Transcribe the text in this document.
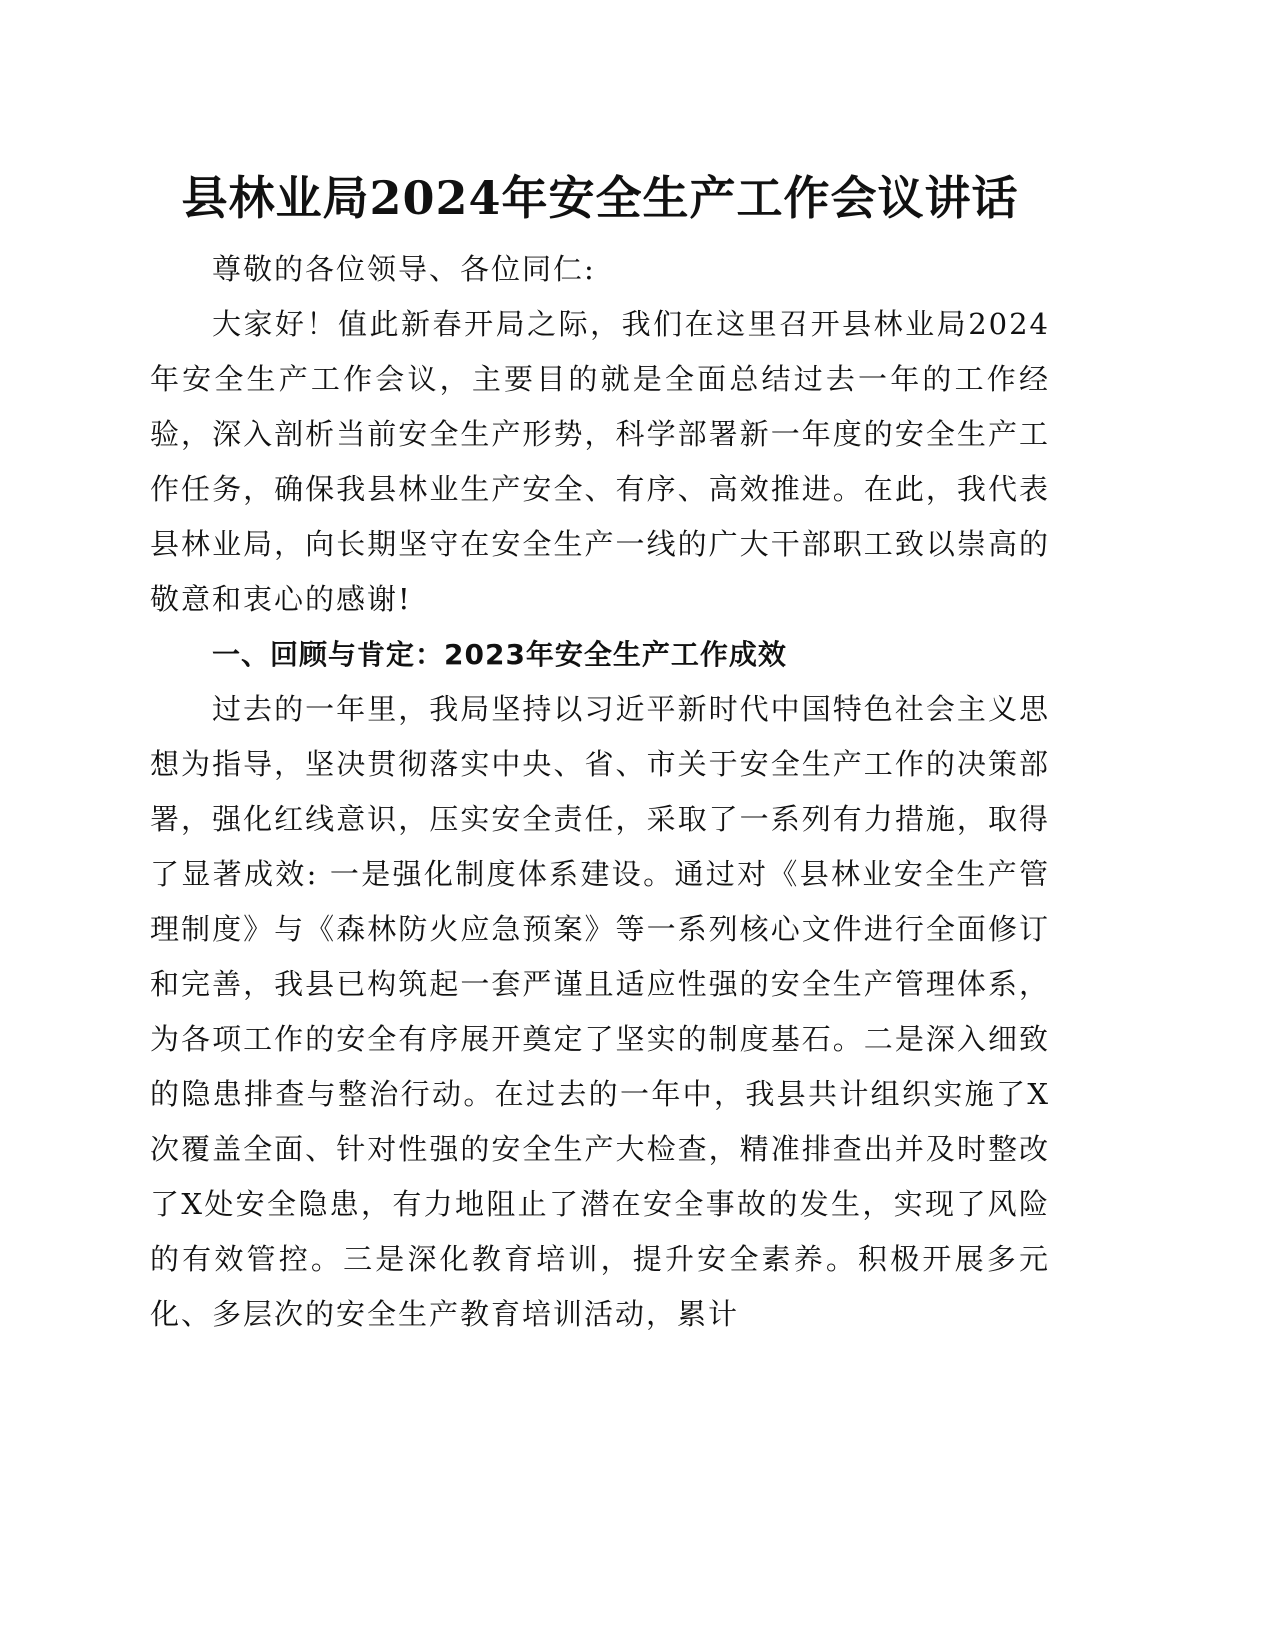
县林业局2024年安全生产工作会议讲话

尊敬的各位领导、各位同仁:

大家好！值此新春开局之际，我们在这里召开县林业局2024年安全生产工作会议，主要目的就是全面总结过去一年的工作经验，深入剖析当前安全生产形势，科学部署新一年度的安全生产工作任务，确保我县林业生产安全、有序、高效推进。在此，我代表县林业局，向长期坚守在安全生产一线的广大干部职工致以崇高的敬意和衷心的感谢!

一、回顾与肯定：2023年安全生产工作成效

过去的一年里，我局坚持以习近平新时代中国特色社会主义思想为指导，坚决贯彻落实中央、省、市关于安全生产工作的决策部署，强化红线意识，压实安全责任，采取了一系列有力措施，取得了显著成效: 一是强化制度体系建设。通过对《县林业安全生产管理制度》与《森林防火应急预案》等一系列核心文件进行全面修订和完善，我县已构筑起一套严谨且适应性强的安全生产管理体系，为各项工作的安全有序展开奠定了坚实的制度基石。二是深入细致的隐患排查与整治行动。在过去的一年中，我县共计组织实施了X次覆盖全面、针对性强的安全生产大检查，精准排查出并及时整改了X处安全隐患，有力地阻止了潜在安全事故的发生，实现了风险的有效管控。三是深化教育培训，提升安全素养。积极开展多元化、多层次的安全生产教育培训活动，累计
